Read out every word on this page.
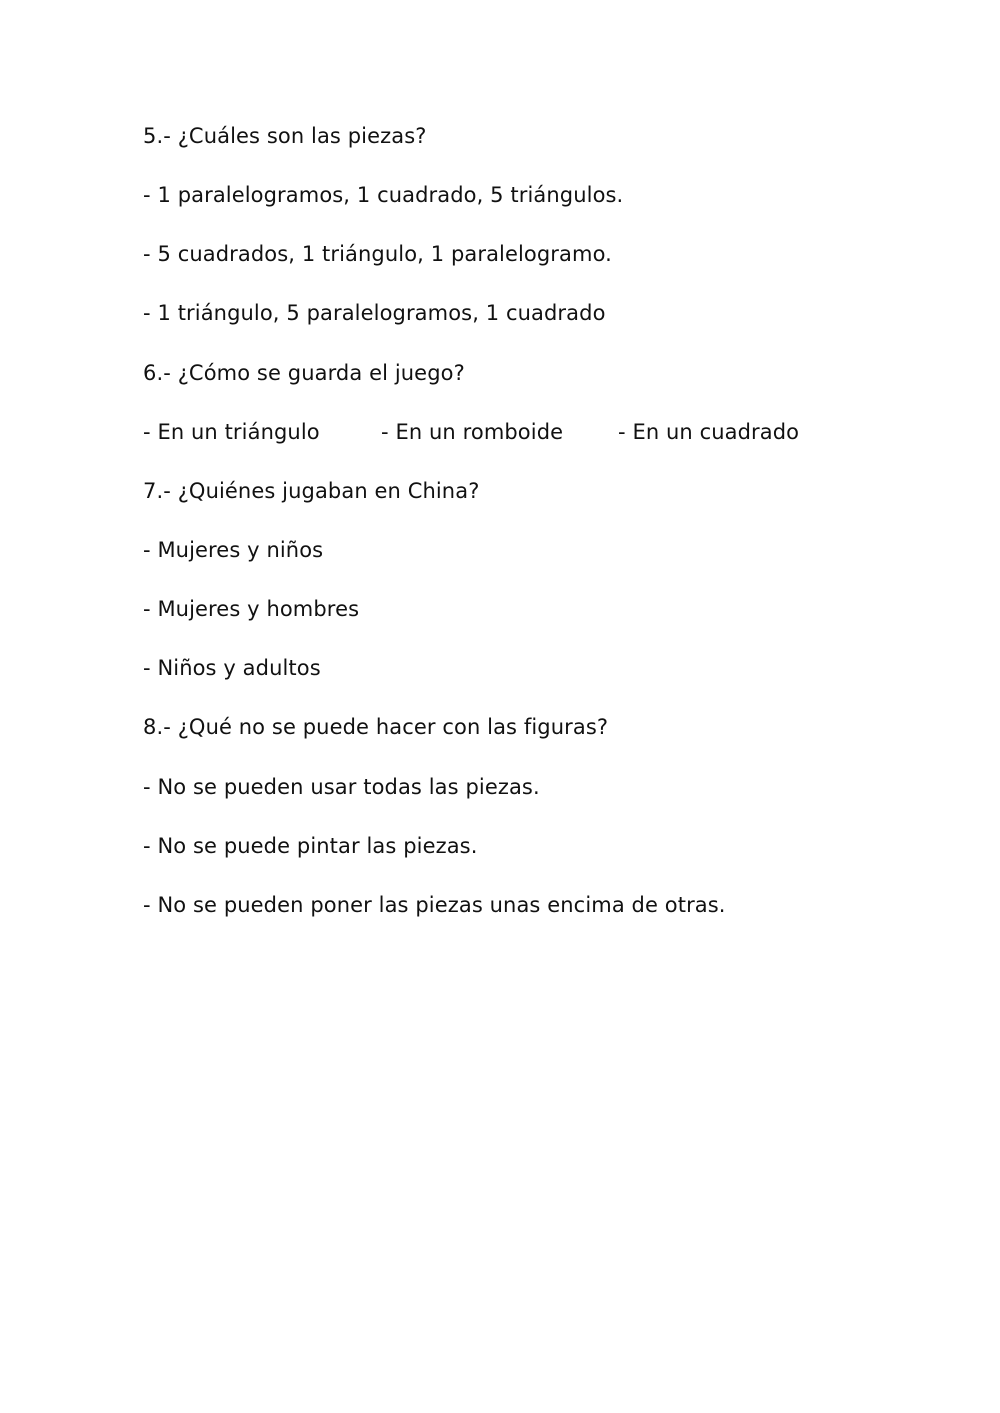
5.- ¿Cuáles son las piezas?
- 1 paralelogramos, 1 cuadrado, 5 triángulos.
- 5 cuadrados, 1 triángulo, 1 paralelogramo.
- 1 triángulo, 5 paralelogramos, 1 cuadrado
6.- ¿Cómo se guarda el juego?
- En un triángulo	- En un romboide	- En un cuadrado
7.- ¿Quiénes jugaban en China?
- Mujeres y niños
- Mujeres y hombres
- Niños y adultos
8.- ¿Qué no se puede hacer con las figuras?
- No se pueden usar todas las piezas.
- No se puede pintar las piezas.
- No se pueden poner las piezas unas encima de otras.
